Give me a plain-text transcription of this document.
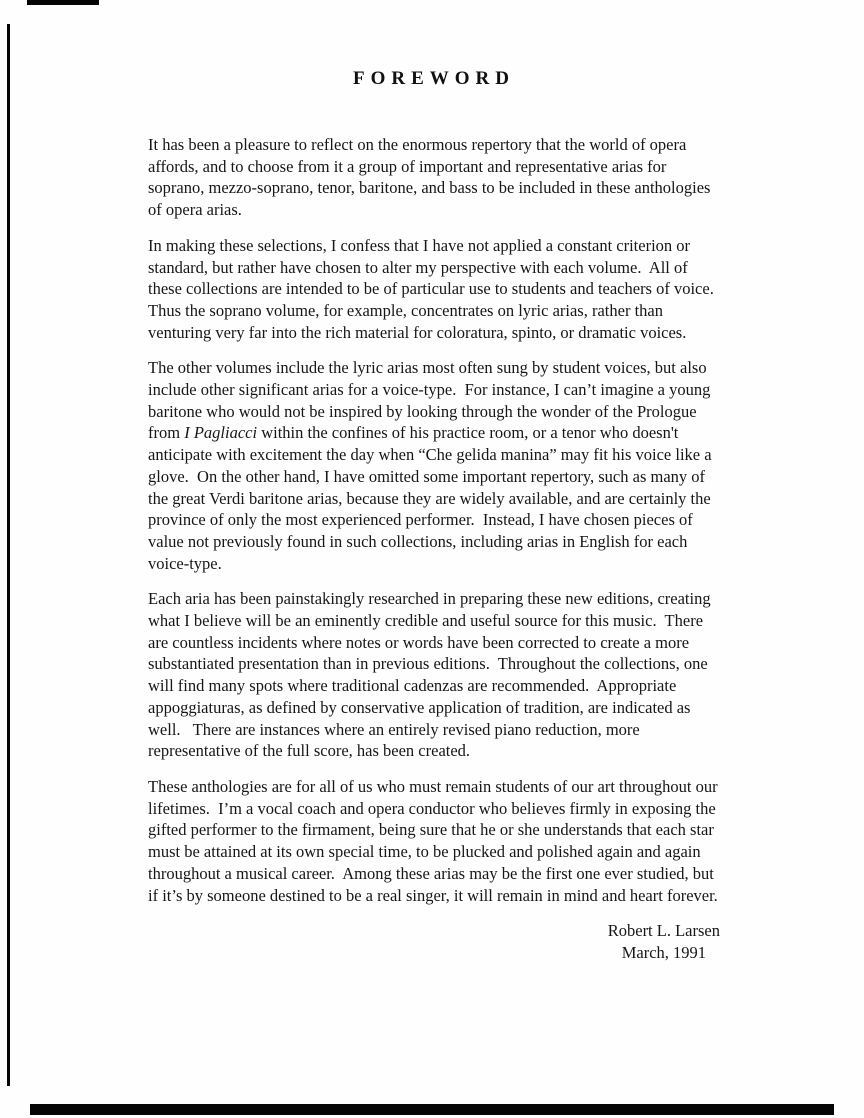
FOREWORD

It has been a pleasure to reflect on the enormous repertory that the world of opera affords, and to choose from it a group of important and representative arias for soprano, mezzo-soprano, tenor, baritone, and bass to be included in these anthologies of opera arias.

In making these selections, I confess that I have not applied a constant criterion or standard, but rather have chosen to alter my perspective with each volume.  All of these collections are intended to be of particular use to students and teachers of voice.  Thus the soprano volume, for example, concentrates on lyric arias, rather than venturing very far into the rich material for coloratura, spinto, or dramatic voices.

The other volumes include the lyric arias most often sung by student voices, but also include other significant arias for a voice-type.  For instance, I can’t imagine a young baritone who would not be inspired by looking through the wonder of the Prologue from I Pagliacci within the confines of his practice room, or a tenor who doesn't anticipate with excitement the day when “Che gelida manina” may fit his voice like a glove.  On the other hand, I have omitted some important repertory, such as many of the great Verdi baritone arias, because they are widely available, and are certainly the province of only the most experienced performer.  Instead, I have chosen pieces of value not previously found in such collections, including arias in English for each voice-type.

Each aria has been painstakingly researched in preparing these new editions, creating what I believe will be an eminently credible and useful source for this music.  There are countless incidents where notes or words have been corrected to create a more substantiated presentation than in previous editions.  Throughout the collections, one will find many spots where traditional cadenzas are recommended.  Appropriate appoggiaturas, as defined by conservative application of tradition, are indicated as well.   There are instances where an entirely revised piano reduction, more representative of the full score, has been created.

These anthologies are for all of us who must remain students of our art throughout our lifetimes.  I’m a vocal coach and opera conductor who believes firmly in exposing the gifted performer to the firmament, being sure that he or she understands that each star must be attained at its own special time, to be plucked and polished again and again throughout a musical career.  Among these arias may be the first one ever studied, but if it’s by someone destined to be a real singer, it will remain in mind and heart forever.

Robert L. Larsen
March, 1991
